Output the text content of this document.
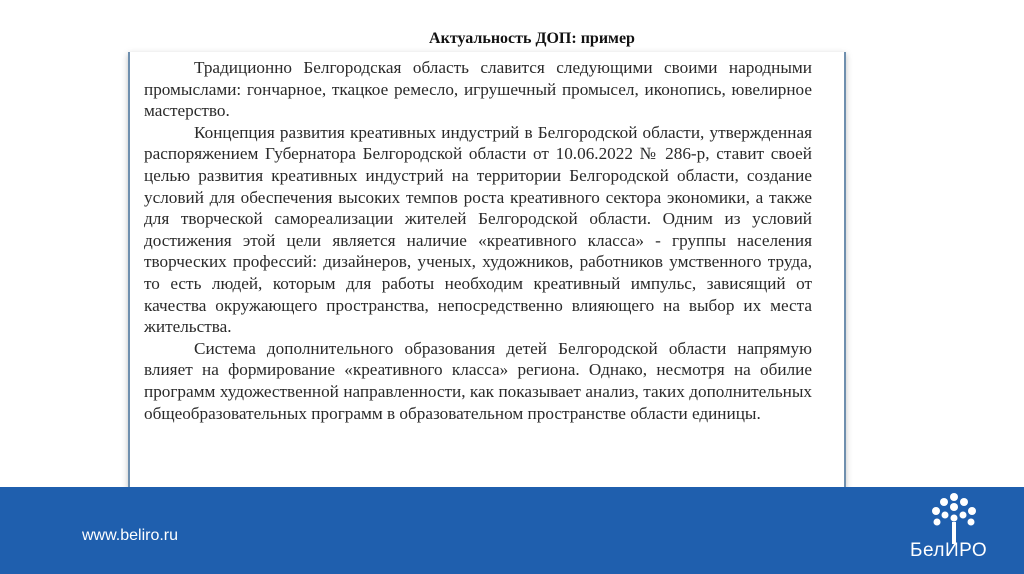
Актуальность ДОП: пример

Традиционно Белгородская область славится следующими своими народными промыслами: гончарное, ткацкое ремесло, игрушечный промысел, иконопись, ювелирное мастерство.

Концепция развития креативных индустрий в Белгородской области, утвержденная распоряжением Губернатора Белгородской области от 10.06.2022 № 286-р, ставит своей целью развития креативных индустрий на территории Белгородской области, создание условий для обеспечения высоких темпов роста креативного сектора экономики, а также для творческой самореализации жителей Белгородской области. Одним из условий достижения этой цели является наличие «креативного класса» - группы населения творческих профессий: дизайнеров, ученых, художников, работников умственного труда, то есть людей, которым для работы необходим креативный импульс, зависящий от качества окружающего пространства, непосредственно влияющего на выбор их места жительства.

Система дополнительного образования детей Белгородской области напрямую влияет на формирование «креативного класса» региона. Однако, несмотря на обилие программ художественной направленности, как показывает анализ, таких дополнительных общеобразовательных программ в образовательном пространстве области единицы.

www.beliro.ru
БелИРО
